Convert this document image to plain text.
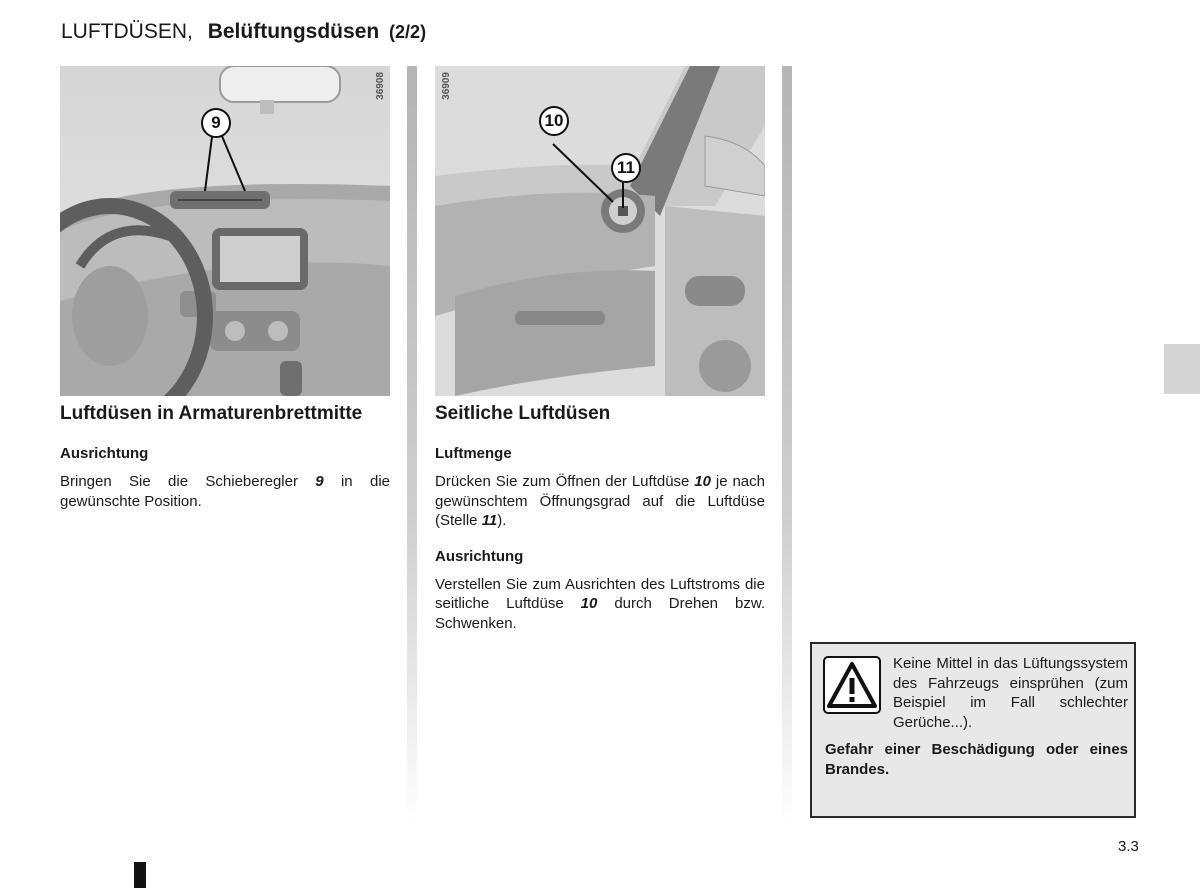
LUFTDÜSEN, Belüftungsdüsen (2/2)
36908
9
36909
10
11
Luftdüsen in Armaturenbrettmitte
Ausrichtung

Bringen Sie die Schieberegler 9 in die gewünschte Position.

Seitliche Luftdüsen
Luftmenge

Drücken Sie zum Öffnen der Luftdüse 10 je nach gewünschtem Öffnungsgrad auf die Luftdüse (Stelle 11).

Ausrichtung

Verstellen Sie zum Ausrichten des Luftstroms die seitliche Luftdüse 10 durch Drehen bzw. Schwenken.

Keine Mittel in das Lüftungssystem des Fahrzeugs einsprühen (zum Beispiel im Fall schlechter Gerüche...).
Gefahr einer Beschädigung oder eines Brandes.
3.3
